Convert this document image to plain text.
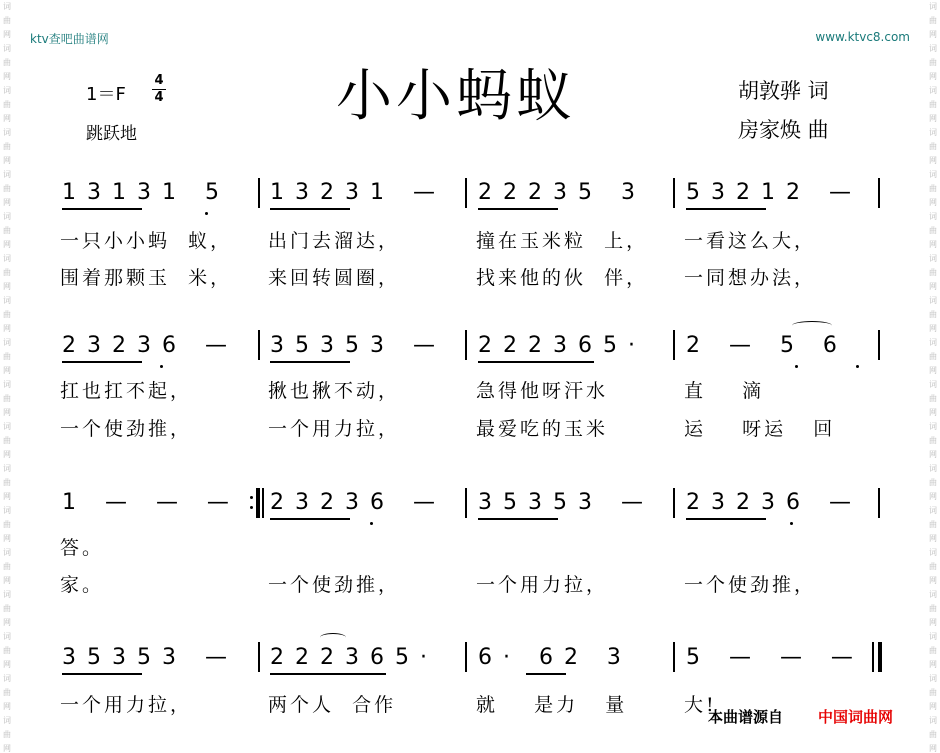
词曲网词曲网词曲网词曲网词曲网词曲网词曲网词曲网词曲网词曲网词曲网词曲网词曲网词曲网词曲网词曲网词曲网词曲网
词曲网词曲网词曲网词曲网词曲网词曲网词曲网词曲网词曲网词曲网词曲网词曲网词曲网词曲网词曲网词曲网词曲网词曲网
ktv查吧曲谱网	www.ktvc8.com
小小蚂蚁
1＝F
4
4
跳跃地
胡敦骅 词
房家焕 曲
1 3 1 3 1   5 1 3 2 3 1   — 2 2 2 3 5   3 5 3 2 1 2   —
一只小小蚂  蚁， 出门去溜达，	撞在玉米粒  上， 一看这么大，
围着那颗玉  米， 来回转圆圈，	找来他的伙  伴， 一同想办法，
2 3 2 3 6   — 3 5 3 5 3   — 2 2 2 3 6 5 · 2   —   5   6
扛也扛不起，	揪也揪不动，	急得他呀汗水	直    滴
一个使劲推，	一个用力拉，	最爱吃的玉米	运    呀运   回
1   —   —   — 2 3 2 3 6   — 3 5 3 5 3   — 2 3 2 3 6   —
答。
家。	一个使劲推，	一个用力拉，	一个使劲推，
3 5 3 5 3   — 2 2 2 3 6 5 · 6 ·   6 2   3	5   —   —   —
一个用力拉，	两个人  合作	就    是力   量	大!
本曲谱源自 中国词曲网
